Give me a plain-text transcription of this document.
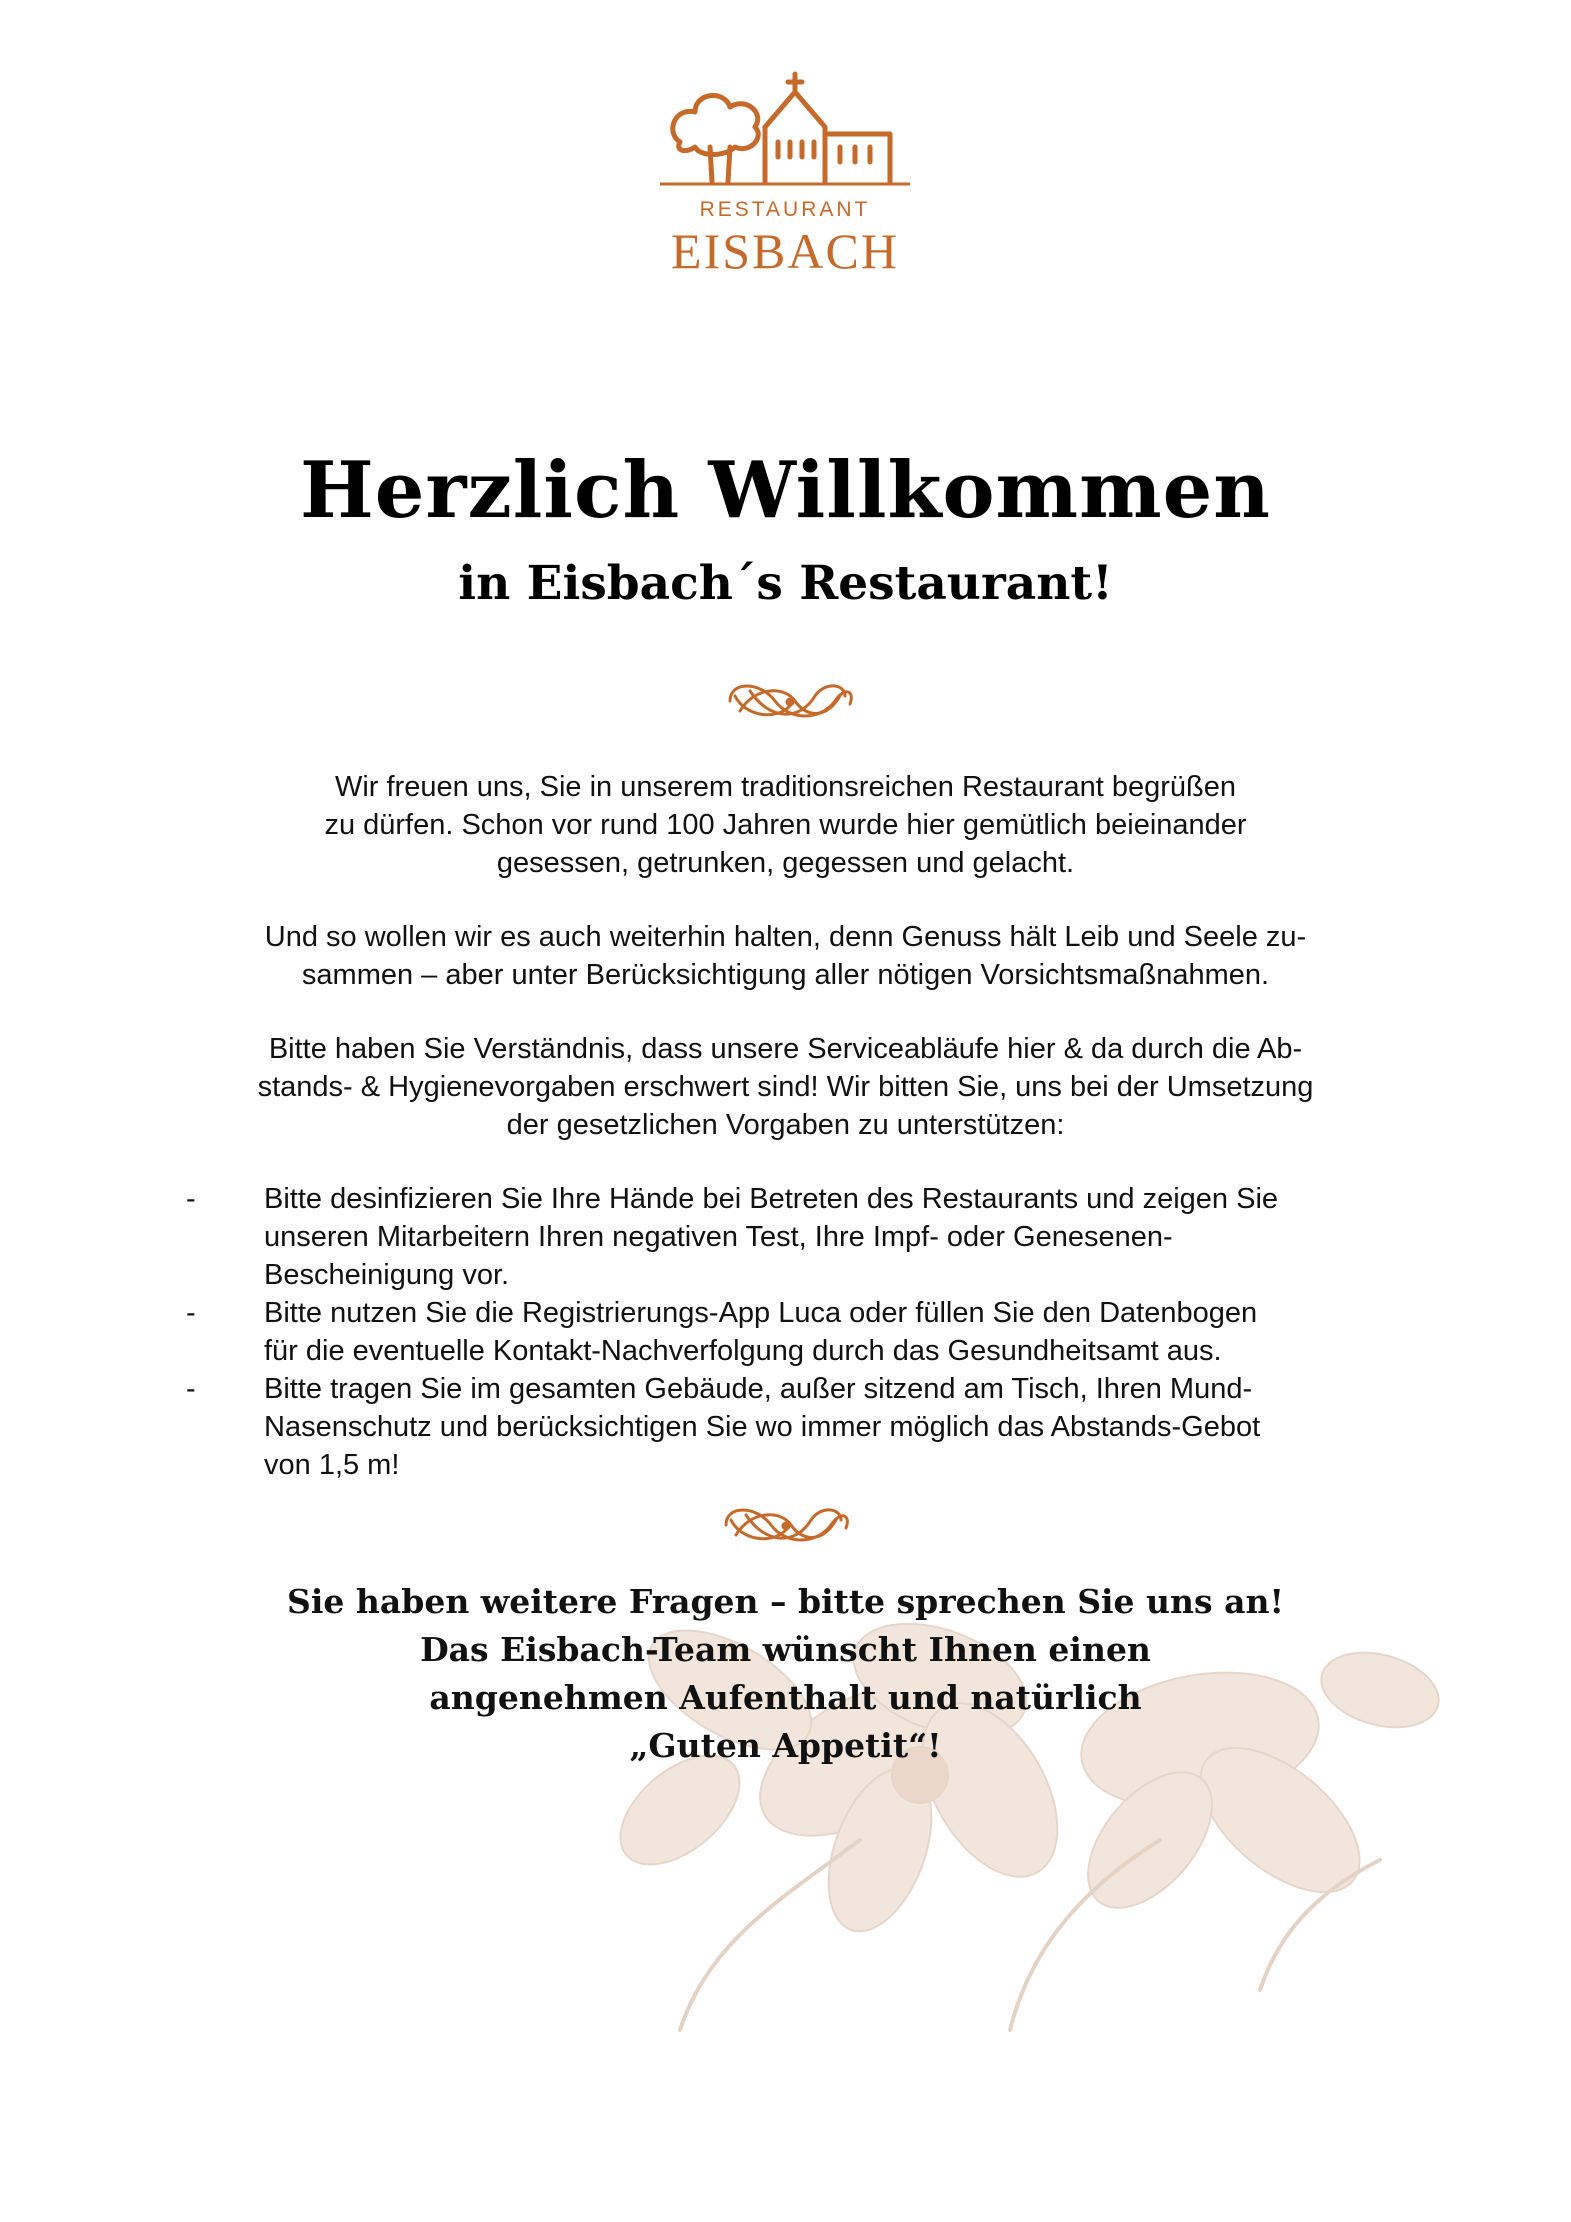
RESTAURANT
EISBACH
Herzlich Willkommen
in Eisbach´s Restaurant!
Wir freuen uns, Sie in unserem traditionsreichen Restaurant begrüßen
zu dürfen. Schon vor rund 100 Jahren wurde hier gemütlich beieinander
gesessen, getrunken, gegessen und gelacht.
Und so wollen wir es auch weiterhin halten, denn Genuss hält Leib und Seele zu-
sammen – aber unter Berücksichtigung aller nötigen Vorsichtsmaßnahmen.
Bitte haben Sie Verständnis, dass unsere Serviceabläufe hier & da durch die Ab-
stands- & Hygienevorgaben erschwert sind! Wir bitten Sie, uns bei der Umsetzung
der gesetzlichen Vorgaben zu unterstützen:
- Bitte desinfizieren Sie Ihre Hände bei Betreten des Restaurants und zeigen Sie
unseren Mitarbeitern Ihren negativen Test, Ihre Impf- oder Genesenen-
Bescheinigung vor.
- Bitte nutzen Sie die Registrierungs-App Luca oder füllen Sie den Datenbogen
für die eventuelle Kontakt-Nachverfolgung durch das Gesundheitsamt aus.
- Bitte tragen Sie im gesamten Gebäude, außer sitzend am Tisch, Ihren Mund-
Nasenschutz und berücksichtigen Sie wo immer möglich das Abstands-Gebot
von 1,5 m!
Sie haben weitere Fragen – bitte sprechen Sie uns an!
Das Eisbach-Team wünscht Ihnen einen
angenehmen Aufenthalt und natürlich
„Guten Appetit“!
